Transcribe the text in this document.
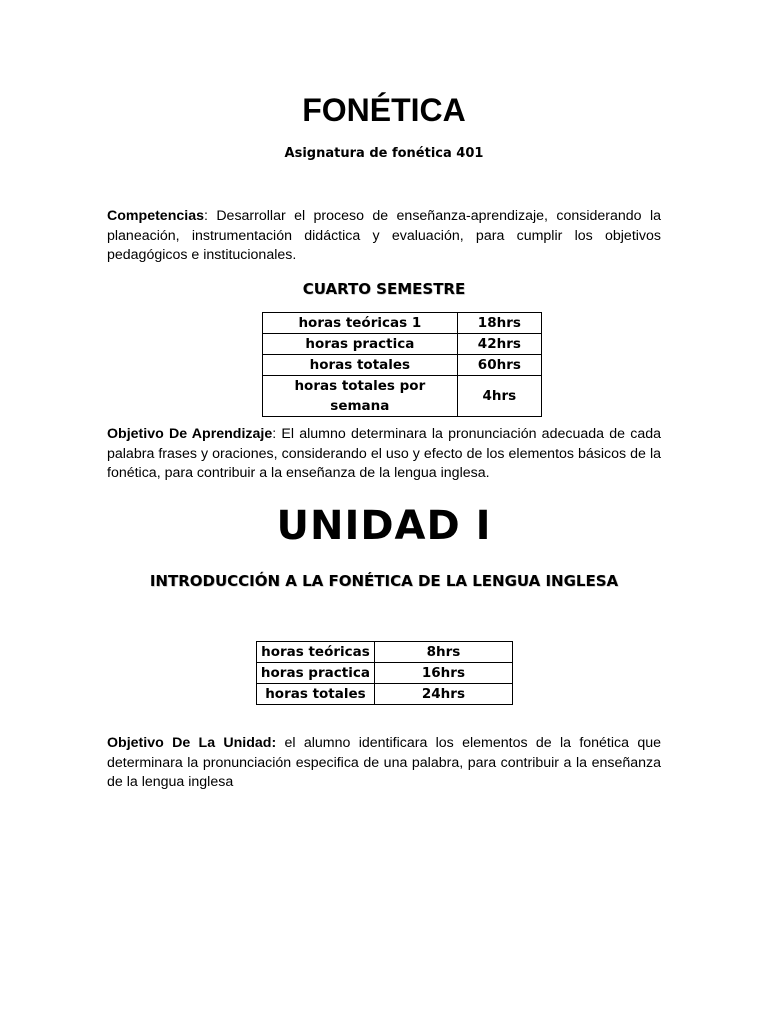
FONÉTICA
Asignatura de fonética 401
Competencias: Desarrollar el proceso de enseñanza-aprendizaje, considerando la planeación, instrumentación didáctica y evaluación, para cumplir los objetivos pedagógicos e institucionales.
CUARTO SEMESTRE
horas teóricas 1	18hrs
horas practica	42hrs
horas totales	60hrs
horas totales por semana	4hrs
Objetivo De Aprendizaje: El alumno determinara la pronunciación adecuada de cada palabra frases y oraciones, considerando el uso y efecto de los elementos básicos de la fonética, para contribuir a la enseñanza de la lengua inglesa.
UNIDAD I
INTRODUCCIÓN A LA FONÉTICA DE LA LENGUA INGLESA
horas teóricas	8hrs
horas practica	16hrs
horas totales	24hrs
Objetivo De La Unidad: el alumno identificara los elementos de la fonética que determinara la pronunciación especifica de una palabra, para contribuir a la enseñanza de la lengua inglesa
